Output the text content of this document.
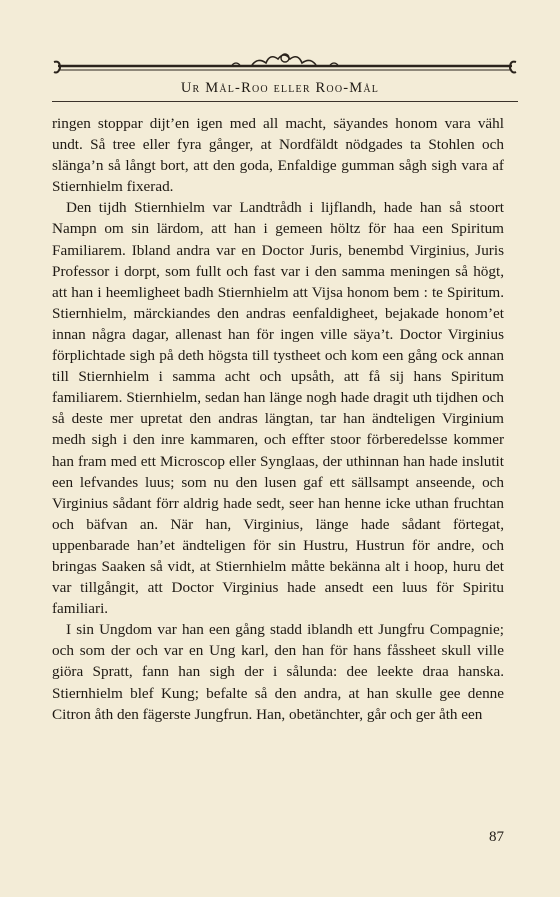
Ur Mål-Roo eller Roo-Mål

ringen stoppar dijt’en igen med all macht, säyandes honom vara vähl undt. Så tree eller fyra gånger, at Nordfäldt nödgades ta Stohlen och slänga’n så långt bort, att den goda, Enfaldige gumman sågh sigh vara af Stiernhielm fixerad.

Den tijdh Stiernhielm var Landtrådh i lijflandh, hade han så stoort Nampn om sin lärdom, att han i gemeen höltz för haa een Spiritum Familiarem. Ibland andra var en Doctor Juris, benembd Virginius, Juris Professor i dorpt, som fullt och fast var i den samma meningen så högt, att han i heemligheet badh Stiernhielm att Vijsa honom bem : te Spiritum. Stiernhielm, märckiandes den andras eenfaldigheet, bejakade honom’et innan några dagar, allenast han för ingen ville säya’t. Doctor Virginius förplichtade sigh på deth högsta till tystheet och kom een gång ock annan till Stiernhielm i samma acht och upsåth, att få sij hans Spiritum familiarem. Stiernhielm, sedan han länge nogh hade dragit uth tijdhen och så deste mer upretat den andras längtan, tar han ändteligen Virginium medh sigh i den inre kammaren, och effter stoor förberedelsse kommer han fram med ett Microscop eller Synglaas, der uthinnan han hade inslutit een lefvandes luus; som nu den lusen gaf ett sällsampt anseende, och Virginius sådant förr aldrig hade sedt, seer han henne icke uthan fruchtan och bäfvan an. När han, Virginius, länge hade sådant förtegat, uppenbarade han’et ändteligen för sin Hustru, Hustrun för andre, och bringas Saaken så vidt, at Stiernhielm måtte bekänna alt i hoop, huru det var tillgångit, att Doctor Virginius hade ansedt een luus för Spiritu familiari.

I sin Ungdom var han een gång stadd iblandh ett Jungfru Compagnie; och som der och var en Ung karl, den han för hans fåssheet skull ville giöra Spratt, fann han sigh der i sålunda: dee leekte draa hanska. Stiernhielm blef Kung; befalte så den andra, at han skulle gee denne Citron åth den fägerste Jungfrun. Han, obetänchter, går och ger åth een

87
